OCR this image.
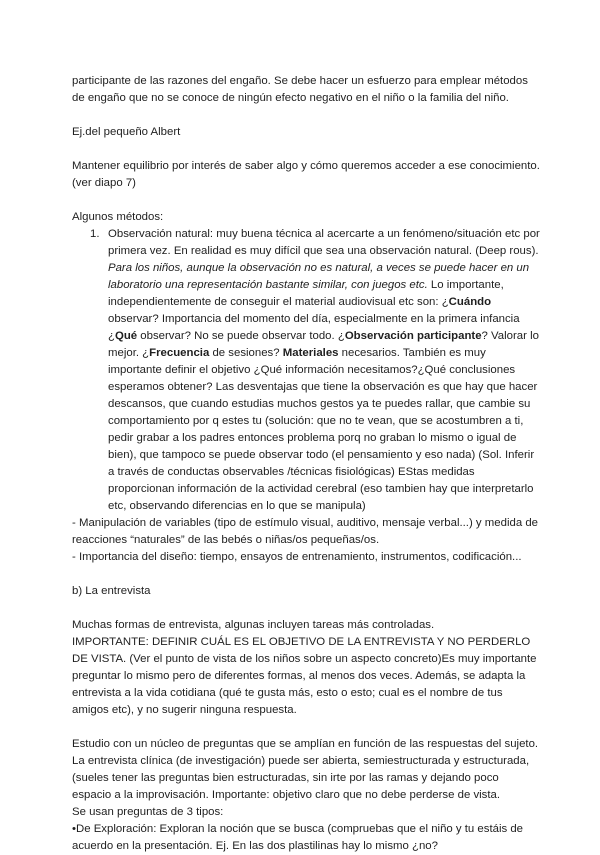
participante de las razones del engaño. Se debe hacer un esfuerzo para emplear métodos de engaño que no se conoce de ningún efecto negativo en el niño o la familia del niño.

Ej.del pequeño Albert

Mantener equilibrio por interés de saber algo y cómo queremos acceder a ese conocimiento. (ver diapo 7)

Algunos métodos:

1. Observación natural: muy buena técnica al acercarte a un fenómeno/situación etc por primera vez. En realidad es muy difícil que sea una observación natural. (Deep rous). Para los niños, aunque la observación no es natural, a veces se puede hacer en un laboratorio una representación bastante similar, con juegos etc. Lo importante, independientemente de conseguir el material audiovisual etc son: ¿Cuándo observar? Importancia del momento del día, especialmente en la primera infancia ¿Qué observar? No se puede observar todo. ¿Observación participante? Valorar lo mejor. ¿Frecuencia de sesiones? Materiales necesarios. También es muy importante definir el objetivo ¿Qué información necesitamos?¿Qué conclusiones esperamos obtener? Las desventajas que tiene la observación es que hay que hacer descansos, que cuando estudias muchos gestos ya te puedes rallar, que cambie su comportamiento por q estes tu (solución: que no te vean, que se acostumbren a ti, pedir grabar a los padres entonces problema porq no graban lo mismo o igual de bien), que tampoco se puede observar todo (el pensamiento y eso nada) (Sol. Inferir a través de conductas observables /técnicas fisiológicas) EStas medidas proporcionan información de la actividad cerebral (eso tambien hay que interpretarlo etc, observando diferencias en lo que se manipula)

- Manipulación de variables (tipo de estímulo visual, auditivo, mensaje verbal...) y medida de reacciones “naturales” de las bebés o niñas/os pequeñas/os.

- Importancia del diseño: tiempo, ensayos de entrenamiento, instrumentos, codificación...

b) La entrevista

Muchas formas de entrevista, algunas incluyen tareas más controladas.

IMPORTANTE: DEFINIR CUÁL ES EL OBJETIVO DE LA ENTREVISTA Y NO PERDERLO DE VISTA. (Ver el punto de vista de los niños sobre un aspecto concreto)Es muy importante preguntar lo mismo pero de diferentes formas, al menos dos veces. Además, se adapta la entrevista a la vida cotidiana (qué te gusta más, esto o esto; cual es el nombre de tus amigos etc), y no sugerir ninguna respuesta.

Estudio con un núcleo de preguntas que se amplían en función de las respuestas del sujeto. La entrevista clínica (de investigación) puede ser abierta, semiestructurada y estructurada, (sueles tener las preguntas bien estructuradas, sin irte por las ramas y dejando poco espacio a la improvisación. Importante: objetivo claro que no debe perderse de vista.

Se usan preguntas de 3 tipos:

•De Exploración: Exploran la noción que se busca (compruebas que el niño y tu estáis de acuerdo en la presentación. Ej. En las dos plastilinas hay lo mismo ¿no?
